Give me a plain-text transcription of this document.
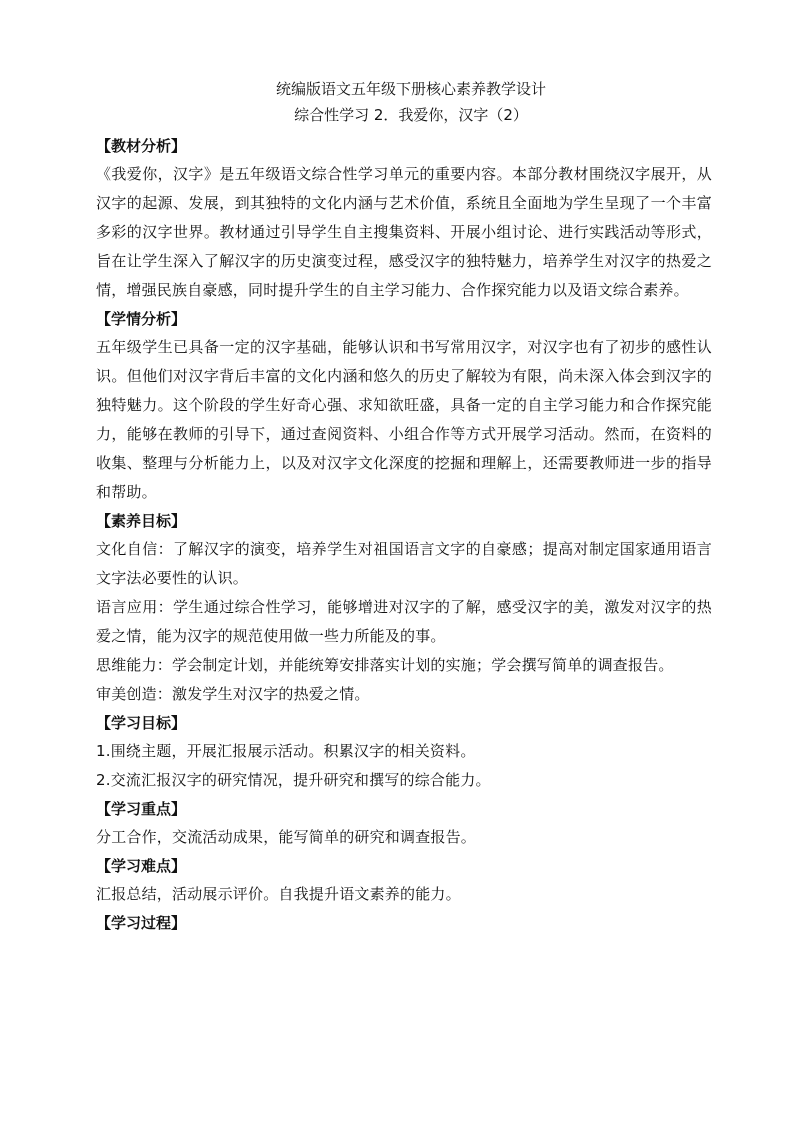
统编版语文五年级下册核心素养教学设计

综合性学习 2．我爱你，汉字（2）

【教材分析】

《我爱你，汉字》是五年级语文综合性学习单元的重要内容。本部分教材围绕汉字展开，从汉字的起源、发展，到其独特的文化内涵与艺术价值，系统且全面地为学生呈现了一个丰富多彩的汉字世界。教材通过引导学生自主搜集资料、开展小组讨论、进行实践活动等形式，旨在让学生深入了解汉字的历史演变过程，感受汉字的独特魅力，培养学生对汉字的热爱之情，增强民族自豪感，同时提升学生的自主学习能力、合作探究能力以及语文综合素养。

【学情分析】

五年级学生已具备一定的汉字基础，能够认识和书写常用汉字，对汉字也有了初步的感性认识。但他们对汉字背后丰富的文化内涵和悠久的历史了解较为有限，尚未深入体会到汉字的独特魅力。这个阶段的学生好奇心强、求知欲旺盛，具备一定的自主学习能力和合作探究能力，能够在教师的引导下，通过查阅资料、小组合作等方式开展学习活动。然而，在资料的收集、整理与分析能力上，以及对汉字文化深度的挖掘和理解上，还需要教师进一步的指导和帮助。

【素养目标】

文化自信：了解汉字的演变，培养学生对祖国语言文字的自豪感；提高对制定国家通用语言文字法必要性的认识。

语言应用：学生通过综合性学习，能够增进对汉字的了解，感受汉字的美，激发对汉字的热爱之情，能为汉字的规范使用做一些力所能及的事。

思维能力：学会制定计划，并能统筹安排落实计划的实施；学会撰写简单的调查报告。

审美创造：激发学生对汉字的热爱之情。

【学习目标】

1.围绕主题，开展汇报展示活动。积累汉字的相关资料。

2.交流汇报汉字的研究情况，提升研究和撰写的综合能力。

【学习重点】

分工合作，交流活动成果，能写简单的研究和调查报告。

【学习难点】

汇报总结，活动展示评价。自我提升语文素养的能力。

【学习过程】
